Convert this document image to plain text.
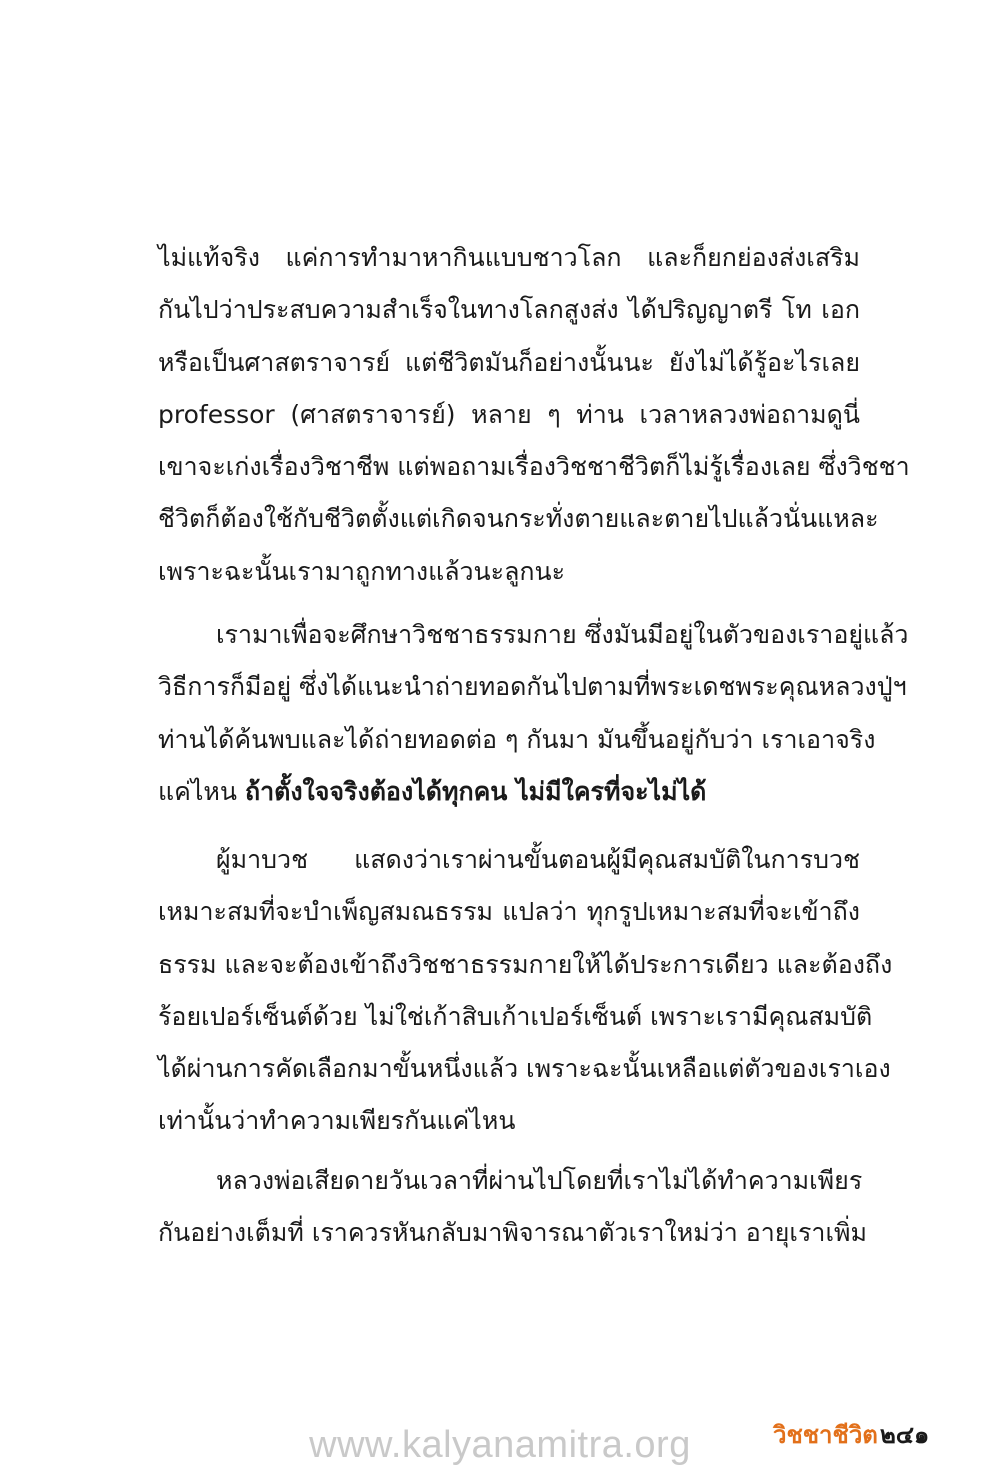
ไม่แท้จริง แค่การทำมาหากินแบบชาวโลก และก็ยกย่องส่งเสริม
กันไปว่าประสบความสำเร็จในทางโลกสูงส่ง ได้ปริญญาตรี โท เอก
หรือเป็นศาสตราจารย์ แต่ชีวิตมันก็อย่างนั้นนะ ยังไม่ได้รู้อะไรเลย
professor (ศาสตราจารย์) หลาย ๆ ท่าน เวลาหลวงพ่อถามดูนี่
เขาจะเก่งเรื่องวิชาชีพ แต่พอถามเรื่องวิชชาชีวิตก็ไม่รู้เรื่องเลย ซึ่งวิชชา
ชีวิตก็ต้องใช้กับชีวิตตั้งแต่เกิดจนกระทั่งตายและตายไปแล้วนั่นแหละ
เพราะฉะนั้นเรามาถูกทางแล้วนะลูกนะ
เรามาเพื่อจะศึกษาวิชชาธรรมกาย ซึ่งมันมีอยู่ในตัวของเราอยู่แล้ว
วิธีการก็มีอยู่ ซึ่งได้แนะนำถ่ายทอดกันไปตามที่พระเดชพระคุณหลวงปู่ฯ
ท่านได้ค้นพบและได้ถ่ายทอดต่อ ๆ กันมา มันขึ้นอยู่กับว่า เราเอาจริง
แค่ไหน ถ้าตั้งใจจริงต้องได้ทุกคน ไม่มีใครที่จะไม่ได้
ผู้มาบวช แสดงว่าเราผ่านขั้นตอนผู้มีคุณสมบัติในการบวช
เหมาะสมที่จะบำเพ็ญสมณธรรม แปลว่า ทุกรูปเหมาะสมที่จะเข้าถึง
ธรรม และจะต้องเข้าถึงวิชชาธรรมกายให้ได้ประการเดียว และต้องถึง
ร้อยเปอร์เซ็นต์ด้วย ไม่ใช่เก้าสิบเก้าเปอร์เซ็นต์ เพราะเรามีคุณสมบัติ
ได้ผ่านการคัดเลือกมาขั้นหนึ่งแล้ว เพราะฉะนั้นเหลือแต่ตัวของเราเอง
เท่านั้นว่าทำความเพียรกันแค่ไหน
หลวงพ่อเสียดายวันเวลาที่ผ่านไปโดยที่เราไม่ได้ทำความเพียร
กันอย่างเต็มที่ เราควรหันกลับมาพิจารณาตัวเราใหม่ว่า อายุเราเพิ่ม
www.kalyanamitra.org	วิชชาชีวิต ๒๔๑
